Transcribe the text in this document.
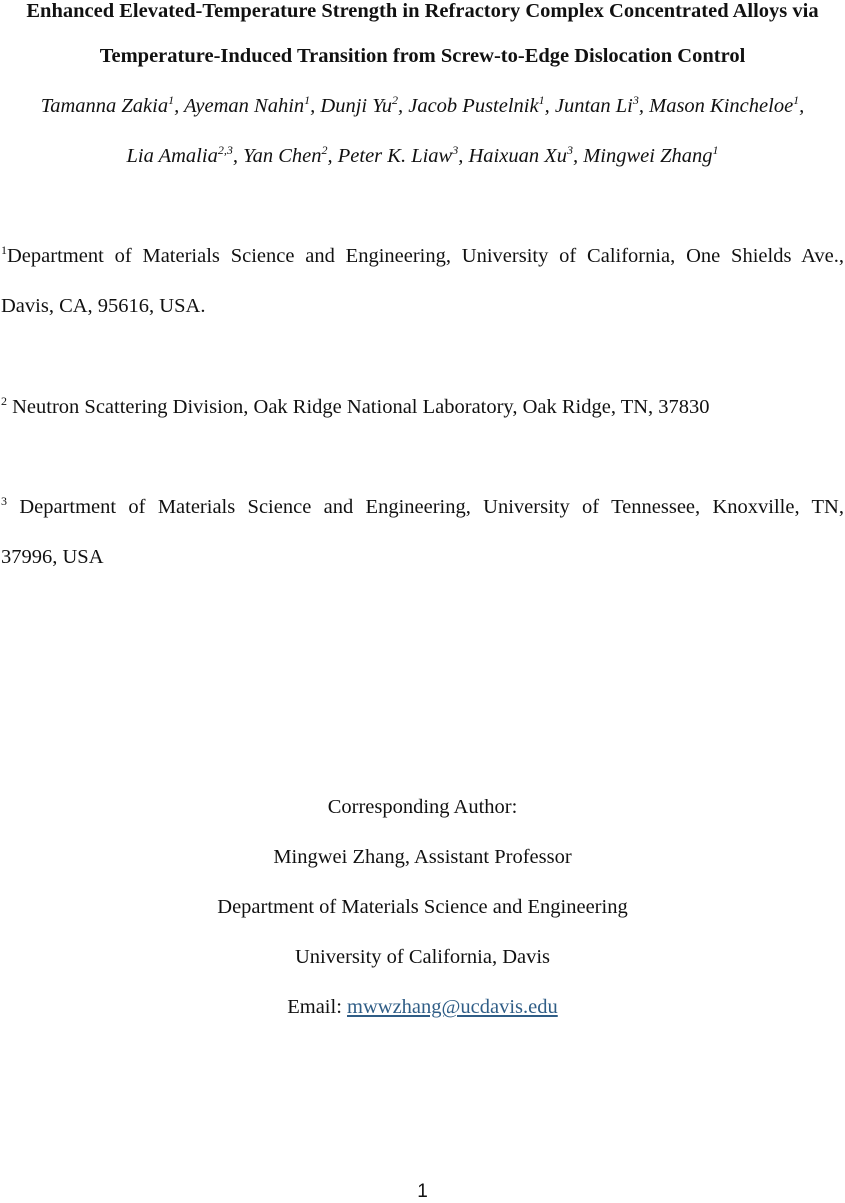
Enhanced Elevated-Temperature Strength in Refractory Complex Concentrated Alloys via
Temperature-Induced Transition from Screw-to-Edge Dislocation Control
Tamanna Zakia$^1$, Ayeman Nahin$^1$, Dunji Yu$^2$, Jacob Pustelnik$^1$, Juntan Li$^3$, Mason Kincheloe$^1$,
Lia Amalia$^{2,3}$, Yan Chen$^2$, Peter K. Liaw$^3$, Haixuan Xu$^3$, Mingwei Zhang$^1$
$^1$Department of Materials Science and Engineering, University of California, One Shields Ave.,
Davis, CA, 95616, USA.
$^2$ Neutron Scattering Division, Oak Ridge National Laboratory, Oak Ridge, TN, 37830
$^3$ Department of Materials Science and Engineering, University of Tennessee, Knoxville, TN,
37996, USA
Corresponding Author:
Mingwei Zhang, Assistant Professor
Department of Materials Science and Engineering
University of California, Davis
Email: mwwzhang@ucdavis.edu
1
